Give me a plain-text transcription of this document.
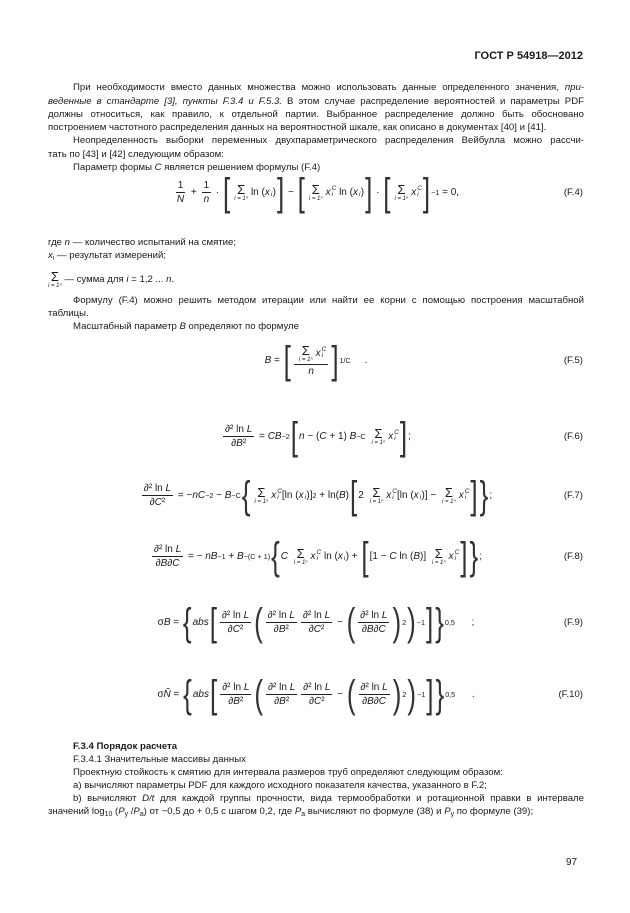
ГОСТ Р 54918—2012
При необходимости вместо данных множества можно использовать данные определенного значения, при-
веденные в стандарте [3], пункты F.3.4 и F.5.3. В этом случае распределение вероятностей и параметры PDF
должны относиться, как правило, к отдельной партии. Выбранное распределение должно быть обосновано
построением частотного распределения данных на вероятностной шкале, как описано в документах [40] и [41].
Неопределенность выборки переменных двухпараметрического распределения Вейбулла можно рассчи-
тать по [43] и [42] следующим образом:
Параметр формы C является решением формулы (F.4)
где n — количество испытаний на смятие;
$x_i$ — результат измерений;
Σ
i = 1ⁿ
— сумма для i = 1,2 ... n.
Формулу (F.4) можно решить методом итерации или найти ее корни с помощью построения масштабной
таблицы.
Масштабный параметр B определяют по формуле
F.3.4 Порядок расчета
F.3.4.1 Значительные массивы данных
Проектную стойкость к смятию для интервала размеров труб определяют следующим образом:
a) вычисляют параметры PDF для каждого исходного показателя качества, указанного в F.2;
b) вычисляют D/t для каждой группы прочности, вида термообработки и ротационной правки в интервале
значений $\log_{10} (P_y$ $/P_a$) от −0,5 до + 0,5 с шагом 0,2, где $P_a$ вычисляют по формуле (38) и $P_y$ по формуле (39);
$\frac{1}{N} + \frac{1}{n}$ · [ Σ
i = 1ⁿ
ln ( x
i ) ] − [ Σ
i = 1ⁿ
x C
i ln ( x
i ) ] · [ Σ
i = 1ⁿ
x C
i ] −1 = 0,	(F.4)
B = [ Σ
i = 1ⁿ
x C
i
n ] 1/C .	(F.5)
$\frac{\text{∂² ln L}}{\text{∂ B ²}}$ = CB −2 [ n − ( C + 1) B −C
Σ
i = 1ⁿ
x C
i ] ;	(F.6)
$\frac{\text{∂² ln L}}{\text{∂ C ²}}$ = − nC −2 − B −C { Σ
i = 1ⁿ
x C
i [ln ( x
i )] 2 + ln( B ) [ 2 Σ
i = 1ⁿ
x C
i [ln ( x
i )] − Σ
i = 1ⁿ
x C
i ] } ;	(F.7)
$\frac{\text{∂² ln L}}{\partial B \partial C}$ = − nB −1 + B −(C + 1) { C
Σ
i = 1ⁿ
x C
i ln ( x
i ) + [ [1 − C ln ( B )] Σ
i = 1ⁿ
x C
i ] } ;	(F.8)
σ B = { abs [ $\frac{\text{∂² ln L}}{\text{∂ C ²}}$ ( $\frac{\text{∂² ln L}}{\text{∂ B ²}} \frac{\text{∂² ln L}}{\text{∂ C ²}}$ − ( $\frac{\text{∂² ln L}}{\partial B \partial C}$ ) 2 ) −1 ] } 0,5 ;	(F.9)
σ Ñ = { abs [ $\frac{\text{∂² ln L}}{\text{∂ B ²}}$ ( $\frac{\text{∂² ln L}}{\text{∂ B ²}} \frac{\text{∂² ln L}}{\text{∂ C ²}}$ − ( $\frac{\text{∂² ln L}}{\partial B \partial C}$ ) 2 ) −1 ] } 0,5 .	(F.10)
97
